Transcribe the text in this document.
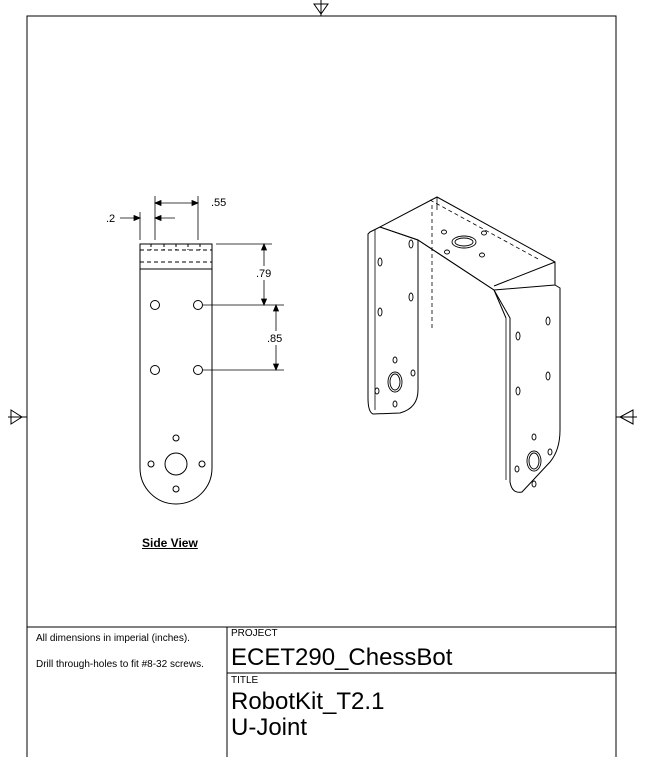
.2
.55
.79
.85
Side View
All dimensions in imperial (inches).
Drill through-holes to fit #8-32 screws.
PROJECT
ECET290_ChessBot
TITLE
RobotKit_T2.1
U-Joint
